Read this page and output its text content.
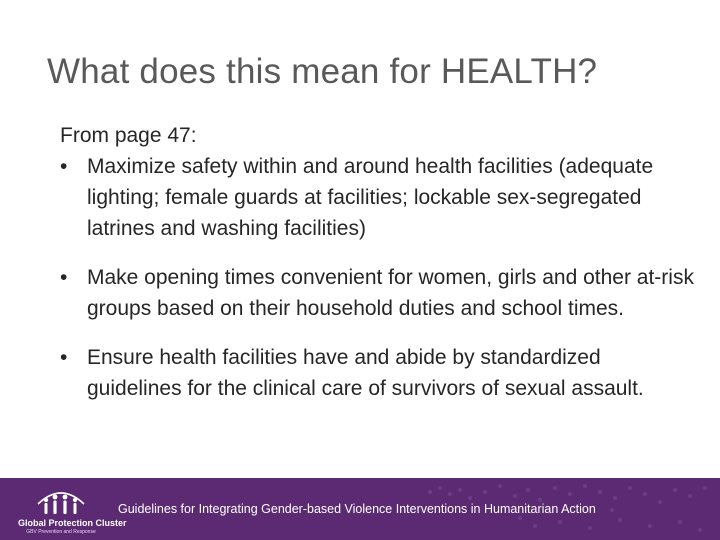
What does this mean for HEALTH?

From page 47:

• Maximize safety within and around health facilities (adequate lighting; female guards at facilities; lockable sex-segregated latrines and washing facilities)

• Make opening times convenient for women, girls and other at-risk groups based on their household duties and school times.

• Ensure health facilities have and abide by standardized guidelines for the clinical care of survivors of sexual assault.

Global Protection Cluster
GBV Prevention and Response
Guidelines for Integrating Gender-based Violence Interventions in Humanitarian Action
